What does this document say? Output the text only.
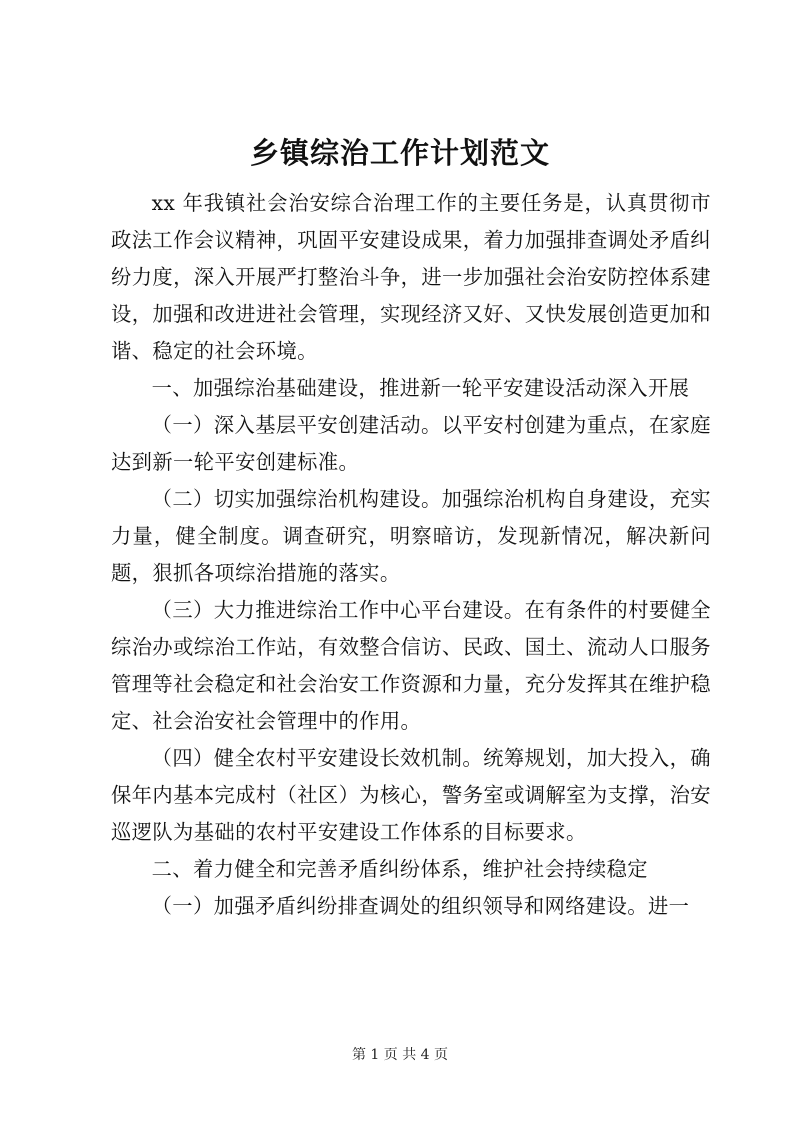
乡镇综治工作计划范文

xx 年我镇社会治安综合治理工作的主要任务是，认真贯彻市政法工作会议精神，巩固平安建设成果，着力加强排查调处矛盾纠纷力度，深入开展严打整治斗争，进一步加强社会治安防控体系建设，加强和改进进社会管理，实现经济又好、又快发展创造更加和谐、稳定的社会环境。

一、加强综治基础建设，推进新一轮平安建设活动深入开展

（一）深入基层平安创建活动。以平安村创建为重点，在家庭达到新一轮平安创建标准。

（二）切实加强综治机构建设。加强综治机构自身建设，充实力量，健全制度。调查研究，明察暗访，发现新情况，解决新问题，狠抓各项综治措施的落实。

（三）大力推进综治工作中心平台建设。在有条件的村要健全综治办或综治工作站，有效整合信访、民政、国土、流动人口服务管理等社会稳定和社会治安工作资源和力量，充分发挥其在维护稳定、社会治安社会管理中的作用。

（四）健全农村平安建设长效机制。统筹规划，加大投入，确保年内基本完成村（社区）为核心，警务室或调解室为支撑，治安巡逻队为基础的农村平安建设工作体系的目标要求。

二、着力健全和完善矛盾纠纷体系，维护社会持续稳定

（一）加强矛盾纠纷排查调处的组织领导和网络建设。进一

第 1 页 共 4 页
